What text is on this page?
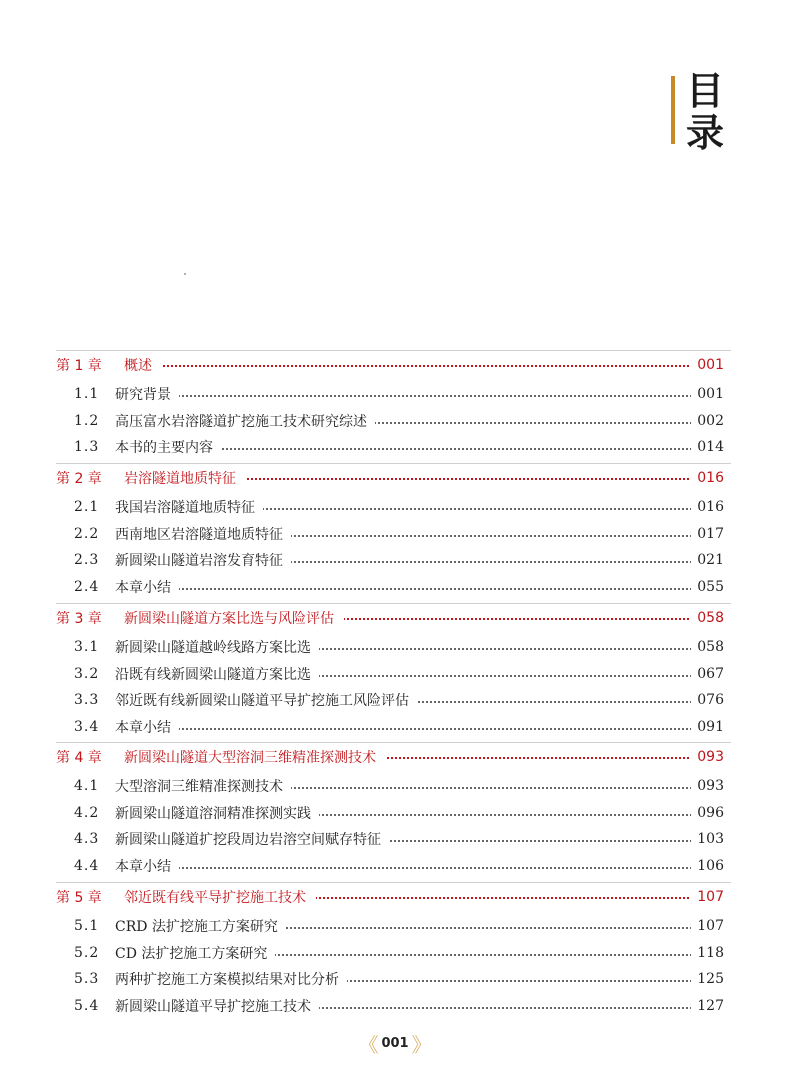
目
录
第 1 章 概述	001
1.1 研究背景	001
1.2 高压富水岩溶隧道扩挖施工技术研究综述	002
1.3 本书的主要内容	014
第 2 章 岩溶隧道地质特征	016
2.1 我国岩溶隧道地质特征	016
2.2 西南地区岩溶隧道地质特征	017
2.3 新圆梁山隧道岩溶发育特征	021
2.4 本章小结	055
第 3 章 新圆梁山隧道方案比选与风险评估	058
3.1 新圆梁山隧道越岭线路方案比选	058
3.2 沿既有线新圆梁山隧道方案比选	067
3.3 邻近既有线新圆梁山隧道平导扩挖施工风险评估	076
3.4 本章小结	091
第 4 章 新圆梁山隧道大型溶洞三维精准探测技术	093
4.1 大型溶洞三维精准探测技术	093
4.2 新圆梁山隧道溶洞精准探测实践	096
4.3 新圆梁山隧道扩挖段周边岩溶空间赋存特征	103
4.4 本章小结	106
第 5 章 邻近既有线平导扩挖施工技术	107
5.1 CRD 法扩挖施工方案研究	107
5.2 CD 法扩挖施工方案研究	118
5.3 两种扩挖施工方案模拟结果对比分析	125
5.4 新圆梁山隧道平导扩挖施工技术	127
《 001 》
